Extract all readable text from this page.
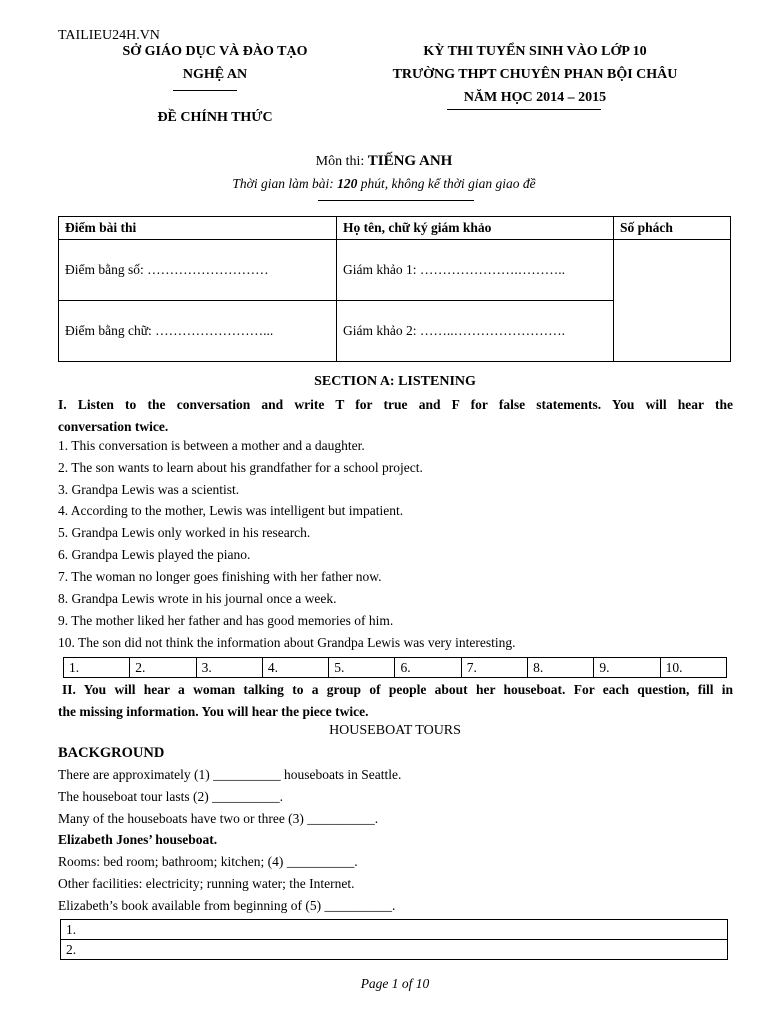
TAILIEU24H.VN
SỞ GIÁO DỤC VÀ ĐÀO TẠO
NGHỆ AN
ĐỀ CHÍNH THỨC
KỲ THI TUYỂN SINH VÀO LỚP 10
TRƯỜNG THPT CHUYÊN PHAN BỘI CHÂU
NĂM HỌC 2014 – 2015
Môn thi: TIẾNG ANH
Thời gian làm bài: 120 phút, không kể thời gian giao đề
Điểm bài thi	Họ tên, chữ ký giám khảo	Số phách
Điểm bằng số: ………………………	Giám khảo 1: ………………….………..	
Điểm bằng chữ: ……………………...	Giám khảo 2: ……..…………………….	
SECTION A: LISTENING
I. Listen to the conversation and write T for true and F for false statements. You will hear the
conversation twice.
1. This conversation is between a mother and a daughter.
2. The son wants to learn about his grandfather for a school project.
3. Grandpa Lewis was a scientist.
4. According to the mother, Lewis was intelligent but impatient.
5. Grandpa Lewis only worked in his research.
6. Grandpa Lewis played the piano.
7. The woman no longer goes finishing with her father now.
8. Grandpa Lewis wrote in his journal once a week.
9. The mother liked her father and has good memories of him.
10. The son did not think the information about Grandpa Lewis was very interesting.
1.	2.	3.	4.	5.	6.	7.	8.	9.	10.
II. You will hear a woman talking to a group of people about her houseboat. For each question, fill in
the missing information. You will hear the piece twice.
HOUSEBOAT TOURS
BACKGROUND
There are approximately (1) __________ houseboats in Seattle.
The houseboat tour lasts (2) __________.
Many of the houseboats have two or three (3) __________.
Elizabeth Jones’ houseboat.
Rooms: bed room; bathroom; kitchen; (4) __________.
Other facilities: electricity; running water; the Internet.
Elizabeth’s book available from beginning of (5) __________.
1.
2.
Page 1 of 10
